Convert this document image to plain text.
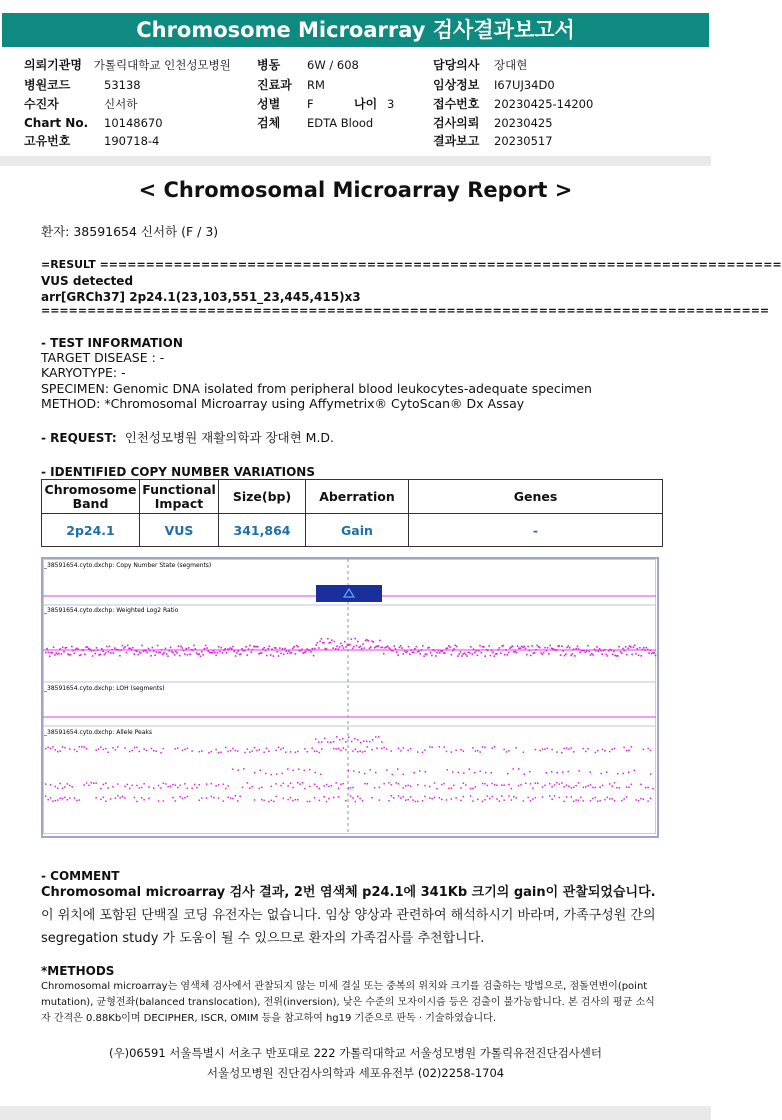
Chromosome Microarray 검사결과보고서
의뢰기관명 가톨릭대학교 인천성모병원 병동 6W / 608	담당의사 장대현
병원코드	53138	진료과 RM	임상정보 I67UJ34D0
수진자	신서하	성별 F	나이 3	접수번호 20230425-14200
Chart No. 10148670	검체 EDTA Blood	검사의뢰 20230425
고유번호	190718-4	결과보고 20230517
< Chromosomal Microarray Report >
환자: 38591654 신서하 (F / 3)
=RESULT ==========================================================================
VUS detected
arr[GRCh37] 2p24.1(23,103,551_23,445,415)x3
===============================================================================
- TEST INFORMATION
TARGET DISEASE : -
KARYOTYPE: -
SPECIMEN: Genomic DNA isolated from peripheral blood leukocytes-adequate specimen
METHOD: *Chromosomal Microarray using Affymetrix® CytoScan® Dx Assay
- REQUEST: 인천성모병원 재활의학과 장대현 M.D.
- IDENTIFIED COPY NUMBER VARIATIONS
Chromosome Band	Functional Impact	Size(bp)	Aberration	Genes
2p24.1	VUS	341,864	Gain	-
_38591654.cyto.dxchp: Copy Number State (segments)
_38591654.cyto.dxchp: Weighted Log2 Ratio
_38591654.cyto.dxchp: LOH (segments)
_38591654.cyto.dxchp: Allele Peaks
- COMMENT
Chromosomal microarray 검사 결과, 2번 염색체 p24.1에 341Kb 크기의 gain이 관찰되었습니다. 이 위치에 포함된 단백질 코딩 유전자는 없습니다. 임상 양상과 관련하여 해석하시기 바라며, 가족구성원 간의 segregation study 가 도움이 될 수 있으므로 환자의 가족검사를 추천합니다.
*METHODS
Chromosomal microarray는 염색체 검사에서 관찰되지 않는 미세 결실 또는 중복의 위치와 크기를 검출하는 방법으로, 점돌연변이(point mutation), 균형전좌(balanced translocation), 전위(inversion), 낮은 수준의 모자이시즘 등은 검출이 불가능합니다. 본 검사의 평균 소식자 간격은 0.88Kb이며 DECIPHER, ISCR, OMIM 등을 참고하여 hg19 기준으로 판독 · 기술하였습니다.
(우)06591 서울특별시 서초구 반포대로 222 가톨릭대학교 서울성모병원 가톨릭유전진단검사센터
서울성모병원 진단검사의학과 세포유전부 (02)2258-1704
